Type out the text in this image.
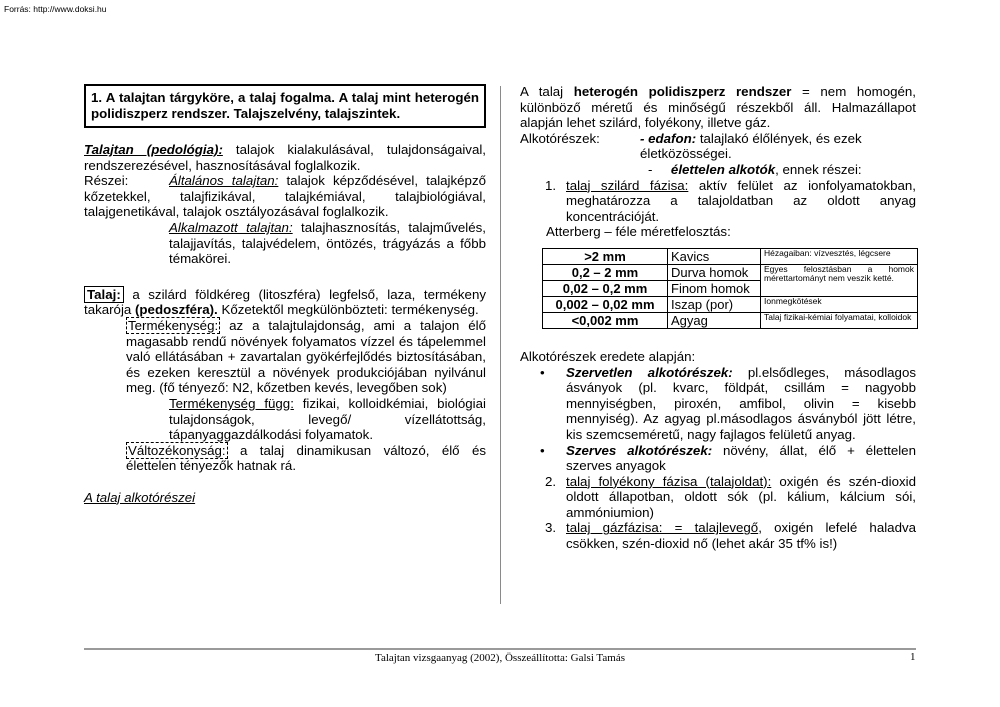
Forrás: http://www.doksi.hu
1. A talajtan tárgyköre, a talaj fogalma. A talaj mint heterogén polidiszperz rendszer. Talajszelvény, talajszintek.

Talajtan (pedológia): talajok kialakulásával, tulajdonságaival, rendszerezésével, hasznosításával foglalkozik.

Részei:	Általános talajtan: talajok képződésével, talajképző kőzetekkel, talajfizikával, talajkémiával, talajbiológiával, talajgenetikával, talajok osztályozásával foglalkozik.

Alkalmazott talajtan: talajhasznosítás, talajművelés, talajjavítás, talajvédelem, öntözés, trágyázás a főbb témakörei.

Talaj: a szilárd földkéreg (litoszféra) legfelső, laza, termékeny takarója (pedoszféra). Kőzetektől megkülönbözteti: termékenység.

Termékenység: az a talajtulajdonság, ami a talajon élő magasabb rendű növények folyamatos vízzel és tápelemmel való ellátásában + zavartalan gyökérfejlődés biztosításában, és ezeken keresztül a növények produkciójában nyilvánul meg. (fő tényező: N2, kőzetben kevés, levegőben sok)

Termékenység függ: fizikai, kolloidkémiai, biológiai tulajdonságok, levegő/ vízellátottság, tápanyaggazdálkodási folyamatok.

Változékonyság: a talaj dinamikusan változó, élő és élettelen tényezők hatnak rá.

A talaj alkotórészei

A talaj heterogén polidiszperz rendszer = nem homogén, különböző méretű és minőségű részekből áll. Halmazállapot alapján lehet szilárd, folyékony, illetve gáz.

Alkotórészek:	- edafon: talajlakó élőlények, és ezek életközösségei.

- élettelen alkotók, ennek részei:

1. talaj szilárd fázisa: aktív felület az ionfolyamatokban, meghatározza a talajoldatban az oldott anyag koncentrációját.

Atterberg – féle méretfelosztás:

>2 mm	Kavics	Hézagaiban: vízvesztés, légcsere
0,2 – 2 mm	Durva homok	Egyes felosztásban a homok mérettartományt nem veszik ketté.
0,02 – 0,2 mm	Finom homok	
0,002 – 0,02 mm	Iszap (por)	Ionmegkötések
<0,002 mm	Agyag	Talaj fizikai-kémiai folyamatai, kolloidok

Alkotórészek eredete alapján:

• Szervetlen alkotórészek: pl.elsődleges, másodlagos ásványok (pl. kvarc, földpát, csillám = nagyobb mennyiségben, piroxén, amfibol, olivin = kisebb mennyiség). Az agyag pl.másodlagos ásványból jött létre, kis szemcseméretű, nagy fajlagos felületű anyag.
• Szerves alkotórészek: növény, állat, élő + élettelen szerves anyagok
2. talaj folyékony fázisa (talajoldat): oxigén és szén-dioxid oldott állapotban, oldott sók (pl. kálium, kálcium sói, ammóniumion)
3. talaj gázfázisa: = talajlevegő, oxigén lefelé haladva csökken, szén-dioxid nő (lehet akár 35 tf% is!)
Talajtan vizsgaanyag (2002), Összeállította: Galsi Tamás	1
